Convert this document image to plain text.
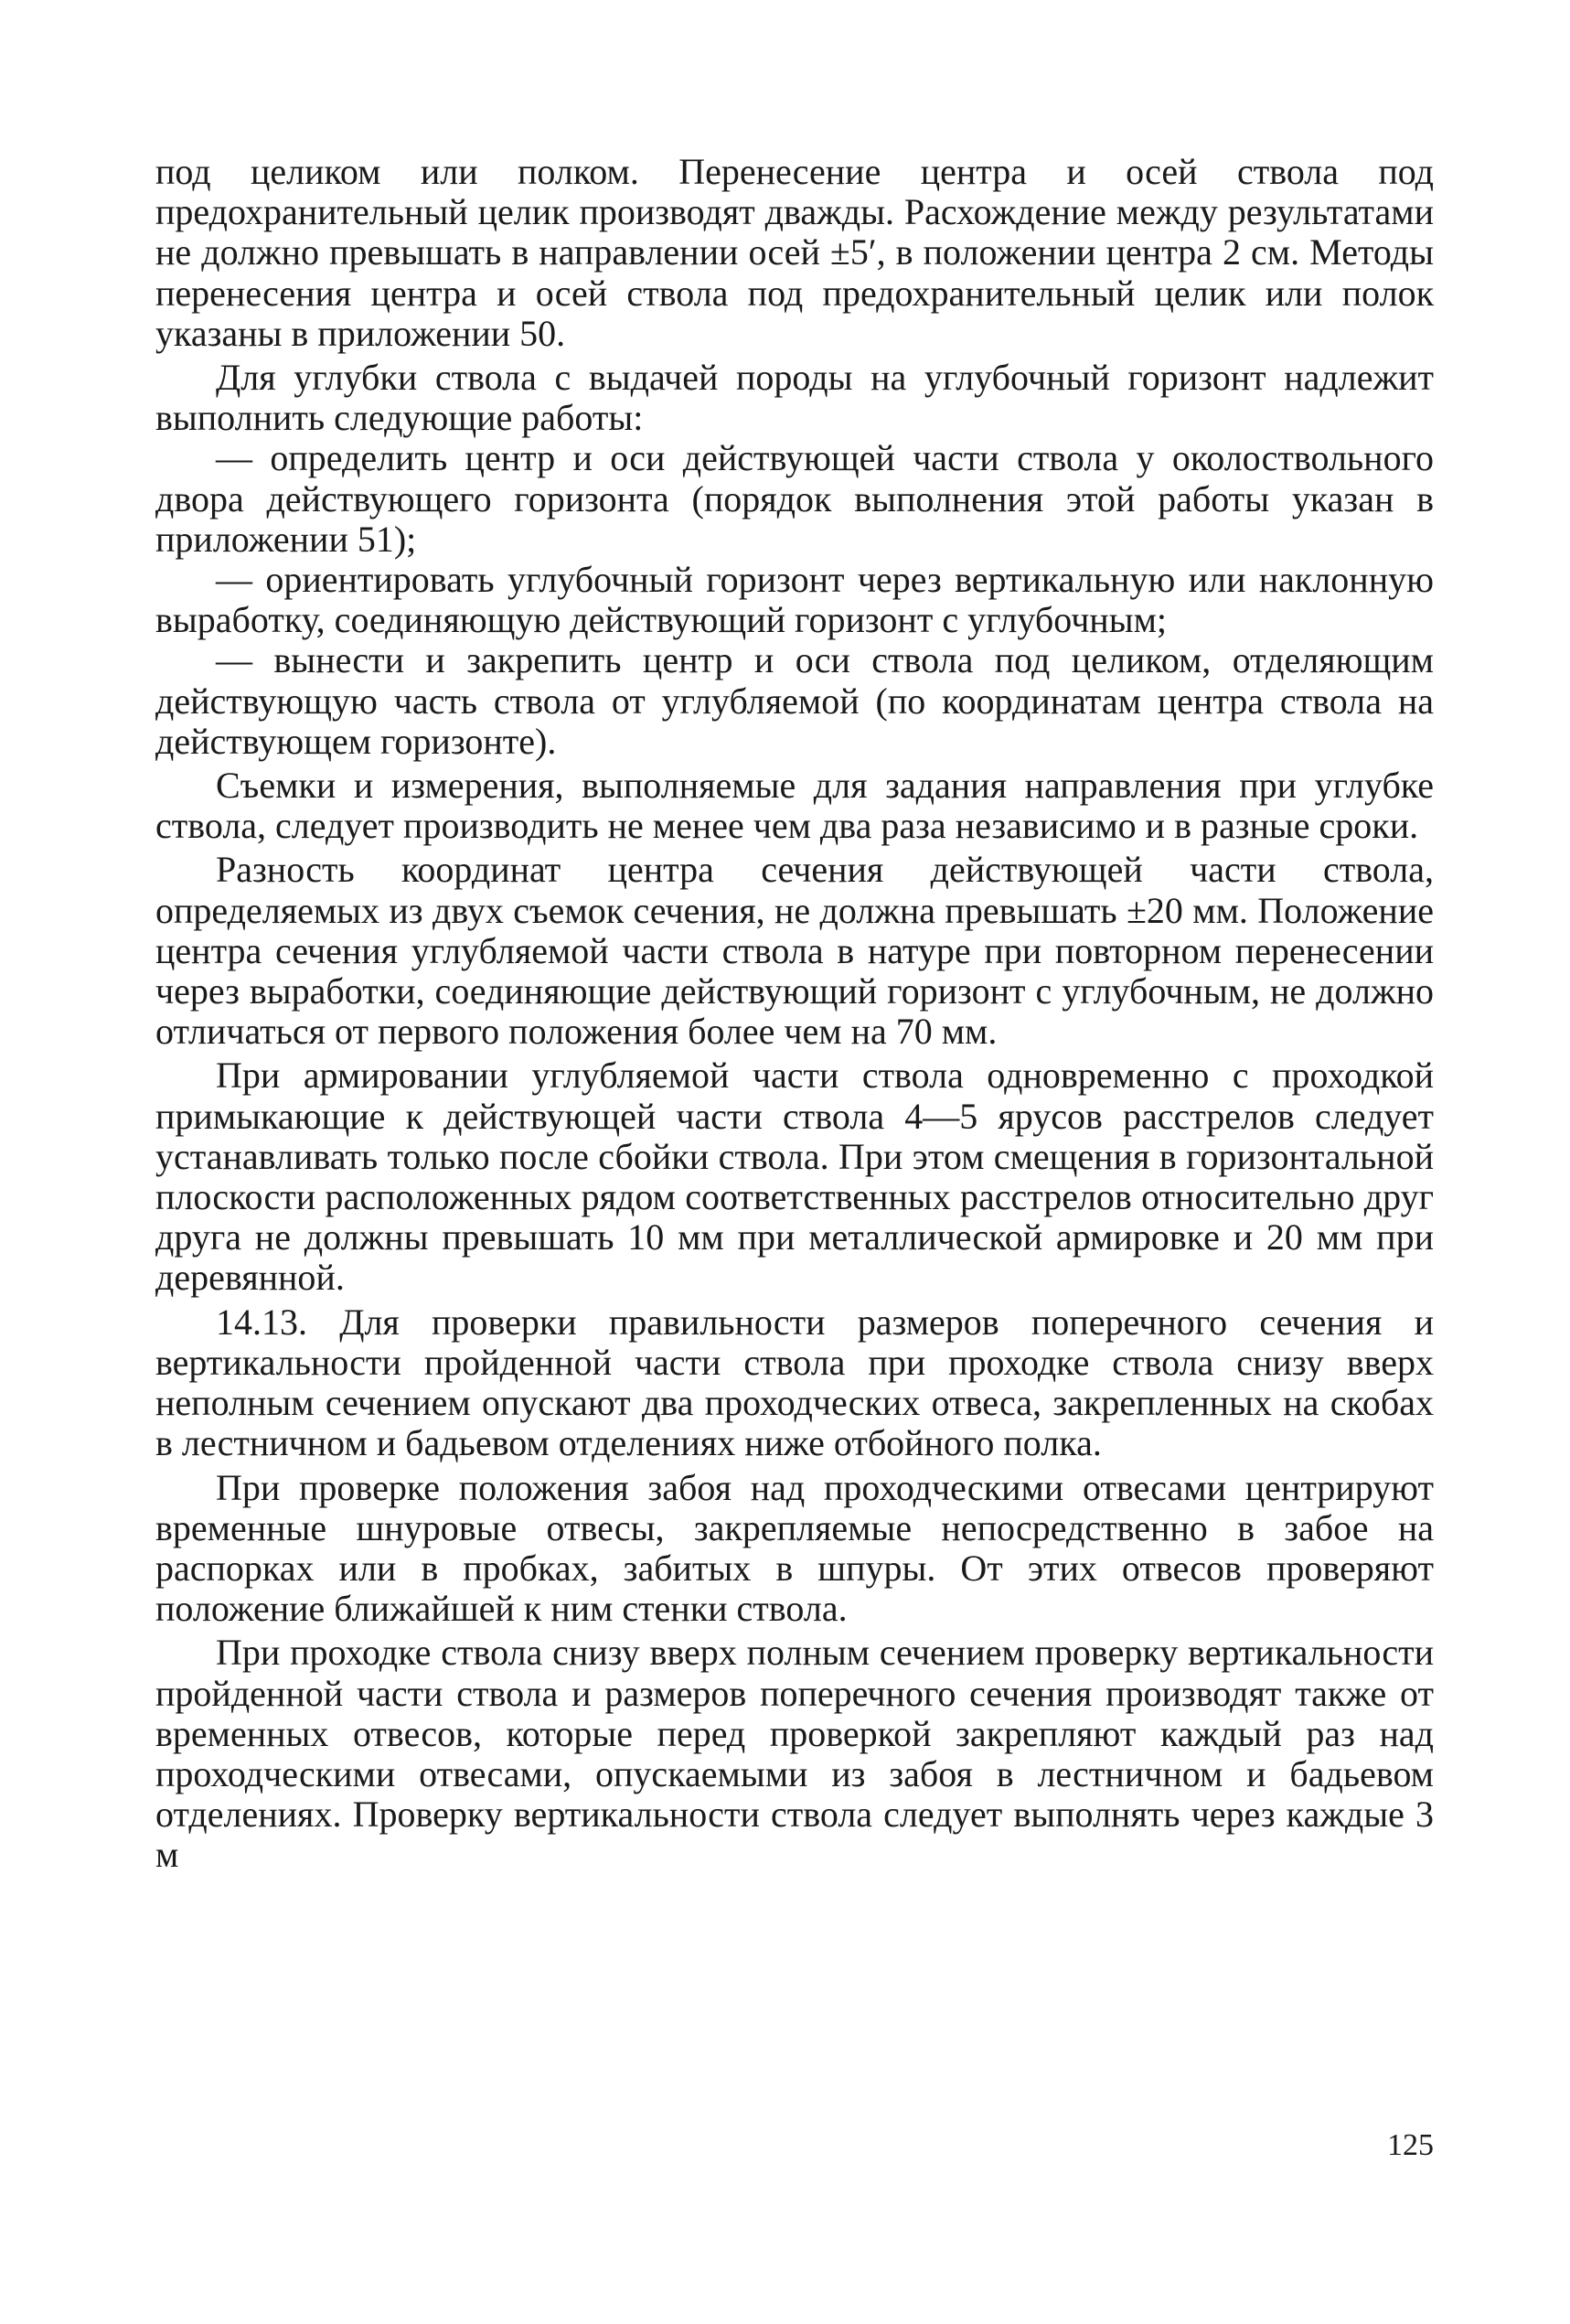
под целиком или полком. Перенесение центра и осей ствола под предохранительный целик производят дважды. Расхождение между результатами не должно превышать в направлении осей ±5′, в положении центра 2 см. Методы перенесения центра и осей ствола под предохранительный целик или полок указаны в приложении 50.

Для углубки ствола с выдачей породы на углубочный горизонт надлежит выполнить следующие работы:

— определить центр и оси действующей части ствола у околоствольного двора действующего горизонта (порядок выполнения этой работы указан в приложении 51);

— ориентировать углубочный горизонт через вертикальную или наклонную выработку, соединяющую действующий горизонт с углубочным;

— вынести и закрепить центр и оси ствола под целиком, отделяющим действующую часть ствола от углубляемой (по координатам центра ствола на действующем горизонте).

Съемки и измерения, выполняемые для задания направления при углубке ствола, следует производить не менее чем два раза независимо и в разные сроки.

Разность координат центра сечения действующей части ствола, определяемых из двух съемок сечения, не должна превышать ±20 мм. Положение центра сечения углубляемой части ствола в натуре при повторном перенесении через выработки, соединяющие действующий горизонт с углубочным, не должно отличаться от первого положения более чем на 70 мм.

При армировании углубляемой части ствола одновременно с проходкой примыкающие к действующей части ствола 4—5 ярусов расстрелов следует устанавливать только после сбойки ствола. При этом смещения в горизонтальной плоскости расположенных рядом соответственных расстрелов относительно друг друга не должны превышать 10 мм при металлической армировке и 20 мм при деревянной.

14.13. Для проверки правильности размеров поперечного сечения и вертикальности пройденной части ствола при проходке ствола снизу вверх неполным сечением опускают два проходческих отвеса, закрепленных на скобах в лестничном и бадьевом отделениях ниже отбойного полка.

При проверке положения забоя над проходческими отвесами центрируют временные шнуровые отвесы, закрепляемые непосредственно в забое на распорках или в пробках, забитых в шпуры. От этих отвесов проверяют положение ближайшей к ним стенки ствола.

При проходке ствола снизу вверх полным сечением проверку вертикальности пройденной части ствола и размеров поперечного сечения производят также от временных отвесов, которые перед проверкой закрепляют каждый раз над проходческими отвесами, опускаемыми из забоя в лестничном и бадьевом отделениях. Проверку вертикальности ствола следует выполнять через каждые 3 м

125
